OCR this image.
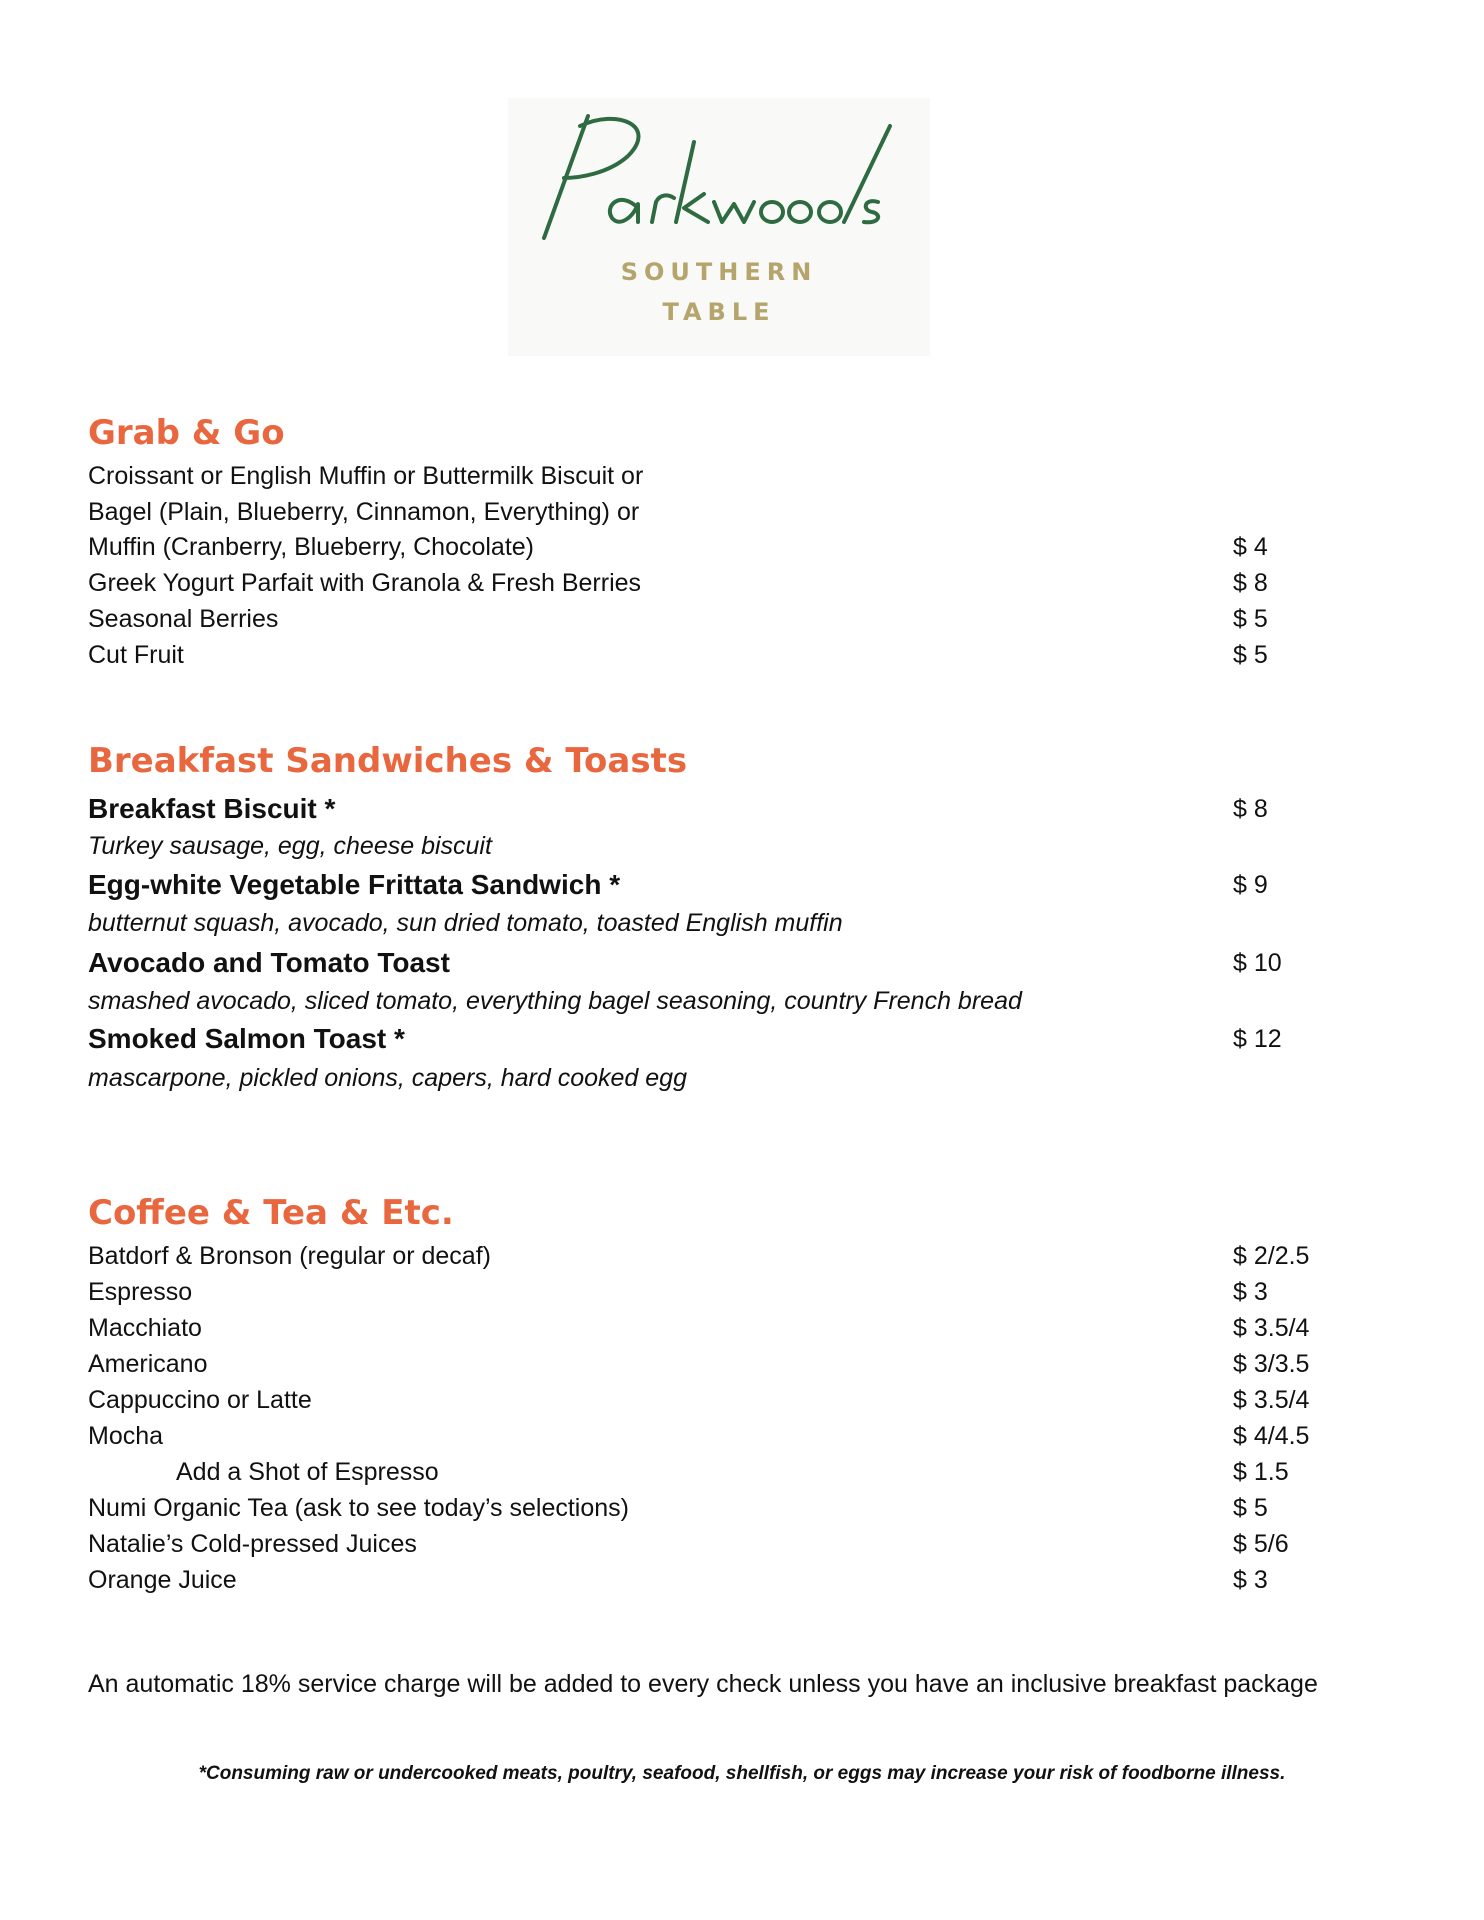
SOUTHERN
TABLE
Grab & Go
Croissant or English Muffin or Buttermilk Biscuit or
Bagel (Plain, Blueberry, Cinnamon, Everything) or
Muffin (Cranberry, Blueberry, Chocolate)	$ 4
Greek Yogurt Parfait with Granola & Fresh Berries	$ 8
Seasonal Berries	$ 5
Cut Fruit	$ 5
Breakfast Sandwiches & Toasts
Breakfast Biscuit *	$ 8
Turkey sausage, egg, cheese biscuit
Egg-white Vegetable Frittata Sandwich *	$ 9
butternut squash, avocado, sun dried tomato, toasted English muffin
Avocado and Tomato Toast	$ 10
smashed avocado, sliced tomato, everything bagel seasoning, country French bread
Smoked Salmon Toast *	$ 12
mascarpone, pickled onions, capers, hard cooked egg
Coffee & Tea & Etc.
Batdorf & Bronson (regular or decaf)	$ 2/2.5
Espresso	$ 3
Macchiato	$ 3.5/4
Americano	$ 3/3.5
Cappuccino or Latte	$ 3.5/4
Mocha	$ 4/4.5
Add a Shot of Espresso	$ 1.5
Numi Organic Tea (ask to see today’s selections)	$ 5
Natalie’s Cold-pressed Juices	$ 5/6
Orange Juice	$ 3
An automatic 18% service charge will be added to every check unless you have an inclusive breakfast package
*Consuming raw or undercooked meats, poultry, seafood, shellfish, or eggs may increase your risk of foodborne illness.
